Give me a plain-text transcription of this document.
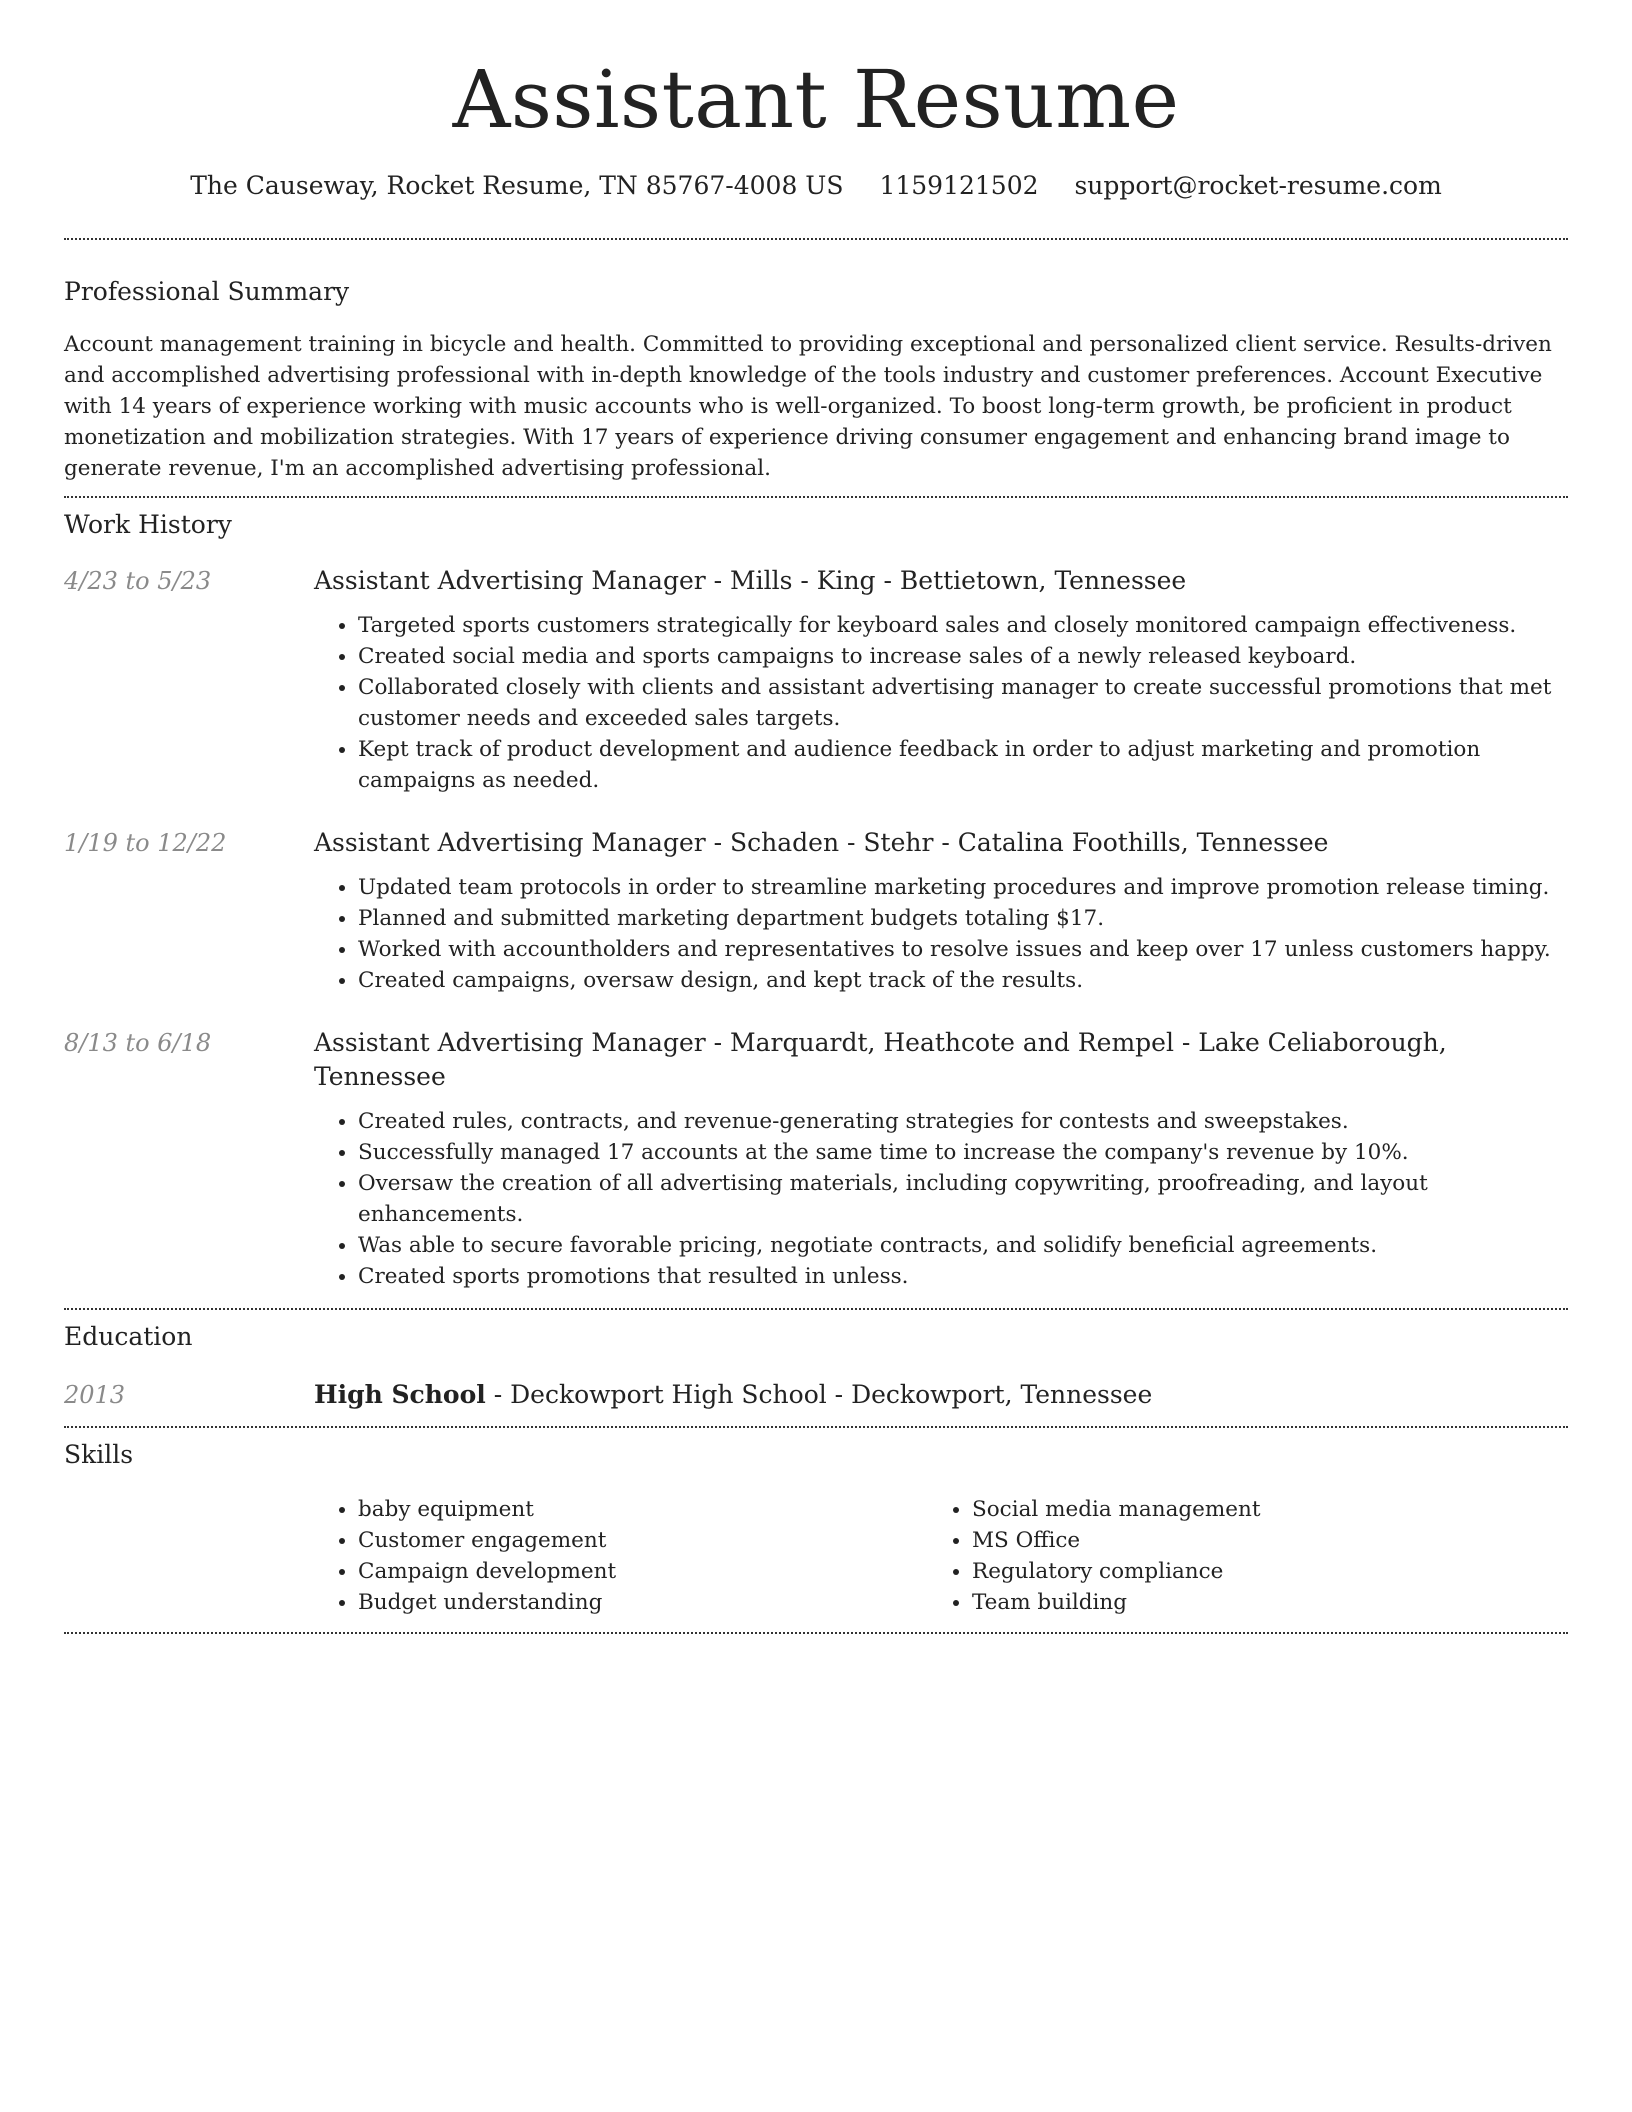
Assistant Resume
The Causeway, Rocket Resume, TN 85767-4008 US 1159121502 support@rocket-resume.com
Professional Summary

Account management training in bicycle and health. Committed to providing exceptional and personalized client service. Results-driven and accomplished advertising professional with in-depth knowledge of the tools industry and customer preferences. Account Executive with 14 years of experience working with music accounts who is well-organized. To boost long-term growth, be proficient in product monetization and mobilization strategies. With 17 years of experience driving consumer engagement and enhancing brand image to generate revenue, I'm an accomplished advertising professional.

Work History
4/23 to 5/23	Assistant Advertising Manager - Mills - King - Bettietown, Tennessee
• Targeted sports customers strategically for keyboard sales and closely monitored campaign effectiveness.
• Created social media and sports campaigns to increase sales of a newly released keyboard.
• Collaborated closely with clients and assistant advertising manager to create successful promotions that met customer needs and exceeded sales targets.
• Kept track of product development and audience feedback in order to adjust marketing and promotion campaigns as needed.
1/19 to 12/22	Assistant Advertising Manager - Schaden - Stehr - Catalina Foothills, Tennessee
• Updated team protocols in order to streamline marketing procedures and improve promotion release timing.
• Planned and submitted marketing department budgets totaling $17.
• Worked with accountholders and representatives to resolve issues and keep over 17 unless customers happy.
• Created campaigns, oversaw design, and kept track of the results.
8/13 to 6/18	Assistant Advertising Manager - Marquardt, Heathcote and Rempel - Lake Celiaborough, Tennessee
• Created rules, contracts, and revenue-generating strategies for contests and sweepstakes.
• Successfully managed 17 accounts at the same time to increase the company's revenue by 10%.
• Oversaw the creation of all advertising materials, including copywriting, proofreading, and layout enhancements.
• Was able to secure favorable pricing, negotiate contracts, and solidify beneficial agreements.
• Created sports promotions that resulted in unless.
Education
2013	High School - Deckowport High School - Deckowport, Tennessee
Skills
• baby equipment
• Customer engagement
• Campaign development
• Budget understanding
• Social media management
• MS Office
• Regulatory compliance
• Team building
